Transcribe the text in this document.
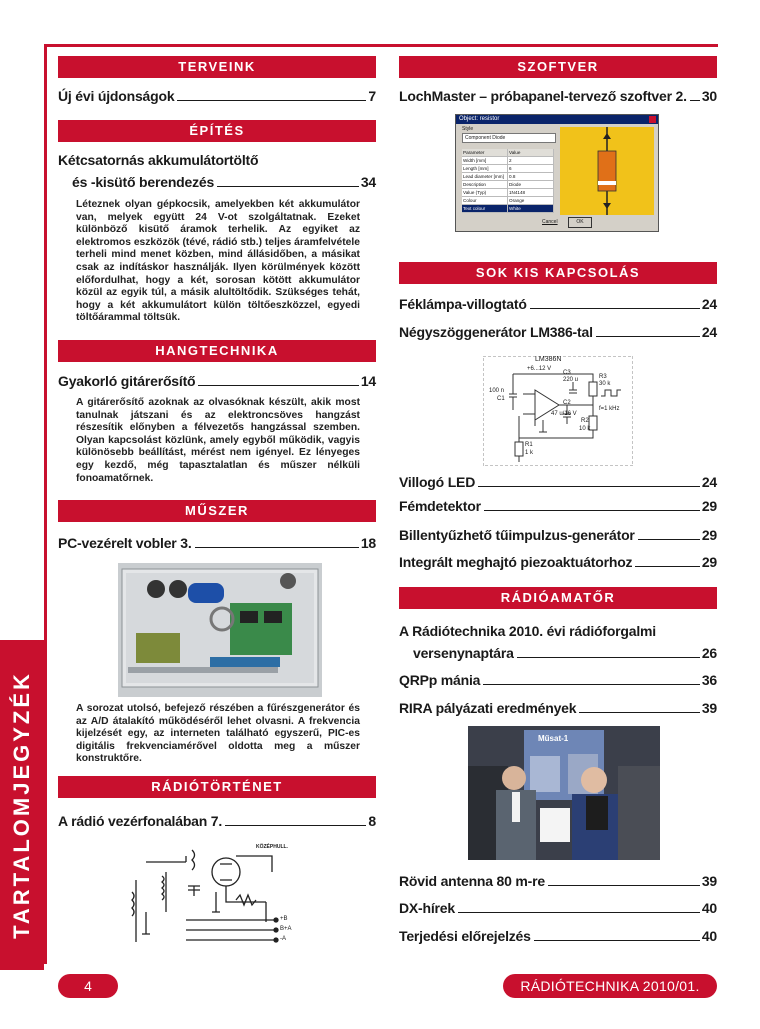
TARTALOMJEGYZÉK
TERVEINK
Új évi újdonságok	7
ÉPÍTÉS
Kétcsatornás akkumulátortöltő
és -kisütő berendezés	34
Léteznek olyan gépkocsik, amelyekben két akkumulátor van, melyek együtt 24 V-ot szolgáltatnak. Ezeket különböző kisütő áramok terhelik. Az egyiket az elektromos eszközök (tévé, rádió stb.) teljes áramfelvétele terheli mind menet közben, mind állásidőben, a másikat csak az indításkor használják. Ilyen körülmények között előfordulhat, hogy a két, sorosan kötött akkumulátor közül az egyik túl, a másik alultöltődik. Szükséges tehát, hogy a két akkumulátort külön töltőeszközzel, egyedi töltőárammal töltsük.
HANGTECHNIKA
Gyakorló gitárerősítő	14
A gitárerősítő azoknak az olvasóknak készült, akik most tanulnak játszani és az elektroncsöves hangzást részesítik előnyben a félvezetős hangzással szemben. Olyan kapcsolást közlünk, amely egyből működik, vagyis különösebb beállítást, mérést nem igényel. Ez lényeges egy kezdő, még tapasztalatlan és műszer nélküli fonoamatőrnek.
MŰSZER
PC-vezérelt vobler 3.	18
A sorozat utolsó, befejező részében a fűrészgenerátor és az A/D átalakító működéséről lehet olvasni. A frekvencia kijelzését egy, az interneten található egyszerű, PIC-es digitális frekvenciamérővel oldotta meg a műszer konstruktőre.
RÁDIÓTÖRTÉNET
A rádió vezérfonalában 7.	8
KÖZÉPHULL.
+B
B+A
-A
SZOFTVER
LochMaster – próbapanel-tervező szoftver 2. 30
Object: resistor
Style
Component Diode
Parameter	Value
Width [mm]	2
Length [mm]	6
Lead diameter [mm]	0.8
Description	Diode
Value (Typ)	1N4148
Colour	Orange
Text colour	White
Cancel	OK
SOK KIS KAPCSOLÁS
Féklámpa-villogtató	24
Négyszöggenerátor LM386-tal	24
LM386N
+6...12 V
100 n
C1
C3
220 u	R3
30 k
C2
47 u/16 V
R2
10 k
R1
1 k
f=1 kHz
Villogó LED	24
Fémdetektor	29
Billentyűzhető tűimpulzus-generátor	29
Integrált meghajtó piezoaktuátorhoz	29
RÁDIÓAMATŐR
A Rádiótechnika 2010. évi rádióforgalmi
versenynaptára	26
QRPp mánia	36
RIRA pályázati eredmények	39
Műsat-1
Rövid antenna 80 m-re	39
DX-hírek	40
Terjedési előrejelzés	40
4	RÁDIÓTECHNIKA 2010/01.
